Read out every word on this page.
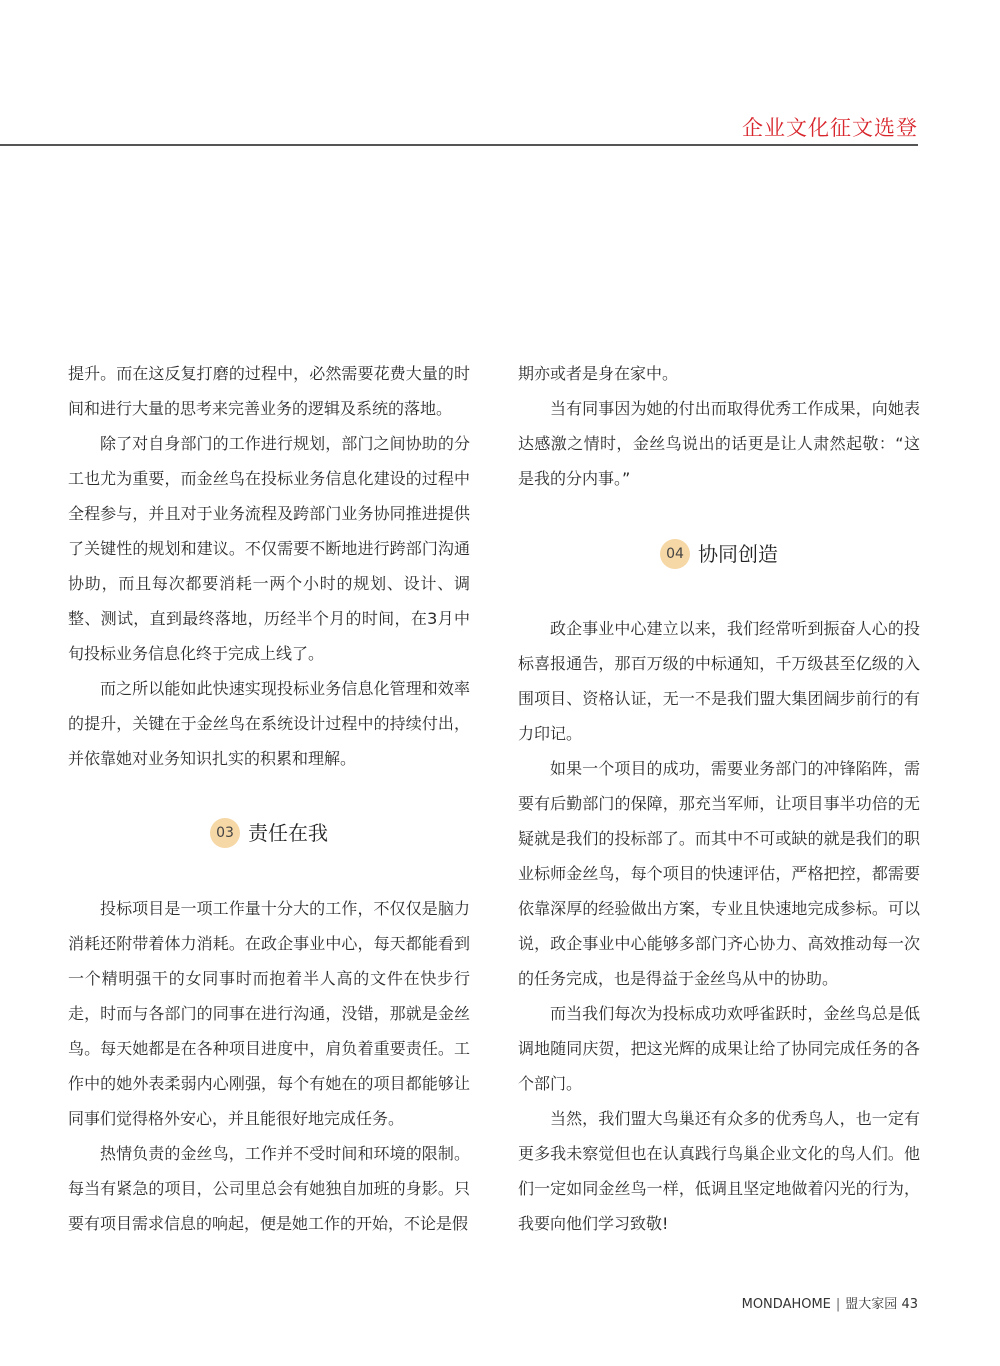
企业文化征文选登

提升。而在这反复打磨的过程中，必然需要花费大量的时间和进行大量的思考来完善业务的逻辑及系统的落地。

除了对自身部门的工作进行规划，部门之间协助的分工也尤为重要，而金丝鸟在投标业务信息化建设的过程中全程参与，并且对于业务流程及跨部门业务协同推进提供了关键性的规划和建议。不仅需要不断地进行跨部门沟通协助，而且每次都要消耗一两个小时的规划、设计、调整、测试，直到最终落地，历经半个月的时间，在3月中旬投标业务信息化终于完成上线了。

而之所以能如此快速实现投标业务信息化管理和效率的提升，关键在于金丝鸟在系统设计过程中的持续付出，并依靠她对业务知识扎实的积累和理解。

03 责任在我

投标项目是一项工作量十分大的工作，不仅仅是脑力消耗还附带着体力消耗。在政企事业中心，每天都能看到一个精明强干的女同事时而抱着半人高的文件在快步行走，时而与各部门的同事在进行沟通，没错，那就是金丝鸟。每天她都是在各种项目进度中，肩负着重要责任。工作中的她外表柔弱内心刚强，每个有她在的项目都能够让同事们觉得格外安心，并且能很好地完成任务。

热情负责的金丝鸟，工作并不受时间和环境的限制。每当有紧急的项目，公司里总会有她独自加班的身影。只要有项目需求信息的响起，便是她工作的开始，不论是假

期亦或者是身在家中。

当有同事因为她的付出而取得优秀工作成果，向她表达感激之情时，金丝鸟说出的话更是让人肃然起敬：“这是我的分内事。”

04 协同创造

政企事业中心建立以来，我们经常听到振奋人心的投标喜报通告，那百万级的中标通知，千万级甚至亿级的入围项目、资格认证，无一不是我们盟大集团阔步前行的有力印记。

如果一个项目的成功，需要业务部门的冲锋陷阵，需要有后勤部门的保障，那充当军师，让项目事半功倍的无疑就是我们的投标部了。而其中不可或缺的就是我们的职业标师金丝鸟，每个项目的快速评估，严格把控，都需要依靠深厚的经验做出方案，专业且快速地完成参标。可以说，政企事业中心能够多部门齐心协力、高效推动每一次的任务完成，也是得益于金丝鸟从中的协助。

而当我们每次为投标成功欢呼雀跃时，金丝鸟总是低调地随同庆贺，把这光辉的成果让给了协同完成任务的各个部门。

当然，我们盟大鸟巢还有众多的优秀鸟人，也一定有更多我未察觉但也在认真践行鸟巢企业文化的鸟人们。他们一定如同金丝鸟一样，低调且坚定地做着闪光的行为，我要向他们学习致敬!

MONDAHOME | 盟大家园 43
